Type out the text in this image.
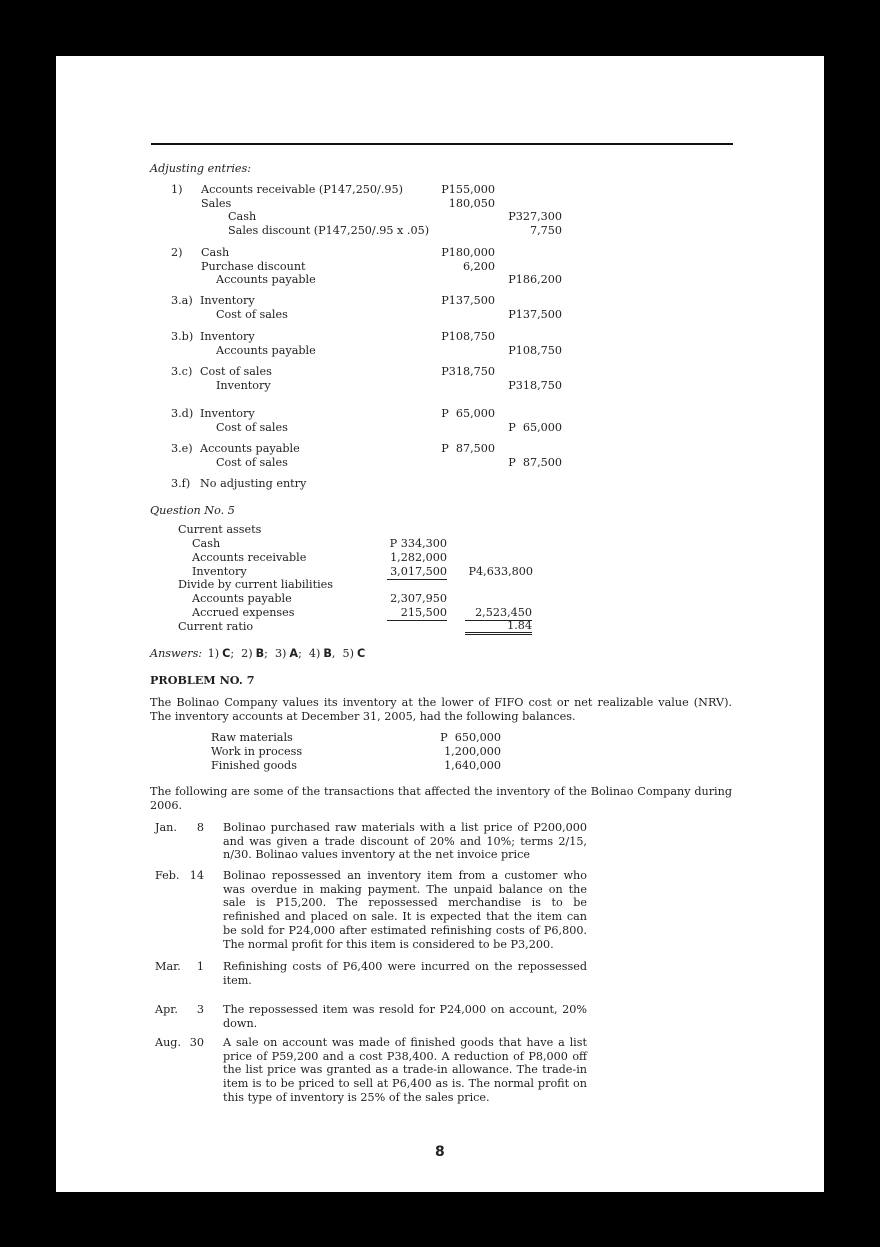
Adjusting entries:
Question No. 5
Current assets
Cash	P 334,300
Accounts receivable	1,282,000
Inventory	3,017,500	P4,633,800
Divide by current liabilities
Accounts payable	2,307,950
Accrued expenses	215,500	2,523,450
Current ratio	1.84
Answers: 1) C; 2) B; 3) A; 4) B, 5) C
PROBLEM NO. 7
The Bolinao Company values its inventory at the lower of FIFO cost or net realizable value (NRV). The inventory accounts at December 31, 2005, had the following balances.
The following are some of the transactions that affected the inventory of the Bolinao Company during 2006.
8
1) Accounts receivable (P147,250/.95)	P155,000
Sales	180,050
Cash	P327,300
Sales discount (P147,250/.95 x .05)	7,750
2) Cash	P180,000
Purchase discount	6,200
Accounts payable	P186,200
3.a) Inventory	P137,500
Cost of sales	P137,500
3.b) Inventory	P108,750
Accounts payable	P108,750
3.c) Cost of sales	P318,750
Inventory	P318,750
3.d) Inventory	P  65,000
Cost of sales	P  65,000
3.e) Accounts payable	P  87,500
Cost of sales	P  87,500
3.f) No adjusting entry
Raw materials	P  650,000
Work in process	1,200,000
Finished goods	1,640,000
Jan.	8 Bolinao purchased raw materials with a list price of P200,000 and was given a trade discount of 20% and 10%; terms 2/15, n/30. Bolinao values inventory at the net invoice price
Feb. 14 Bolinao repossessed an inventory item from a customer who was overdue in making payment. The unpaid balance on the sale is P15,200. The repossessed merchandise is to be refinished and placed on sale. It is expected that the item can be sold for P24,000 after estimated refinishing costs of P6,800. The normal profit for this item is considered to be P3,200.
Mar.	1 Refinishing costs of P6,400 were incurred on the repossessed item.
Apr.	3 The repossessed item was resold for P24,000 on account, 20% down.
Aug. 30 A sale on account was made of finished goods that have a list price of P59,200 and a cost P38,400. A reduction of P8,000 off the list price was granted as a trade-in allowance. The trade-in item is to be priced to sell at P6,400 as is. The normal profit on this type of inventory is 25% of the sales price.
